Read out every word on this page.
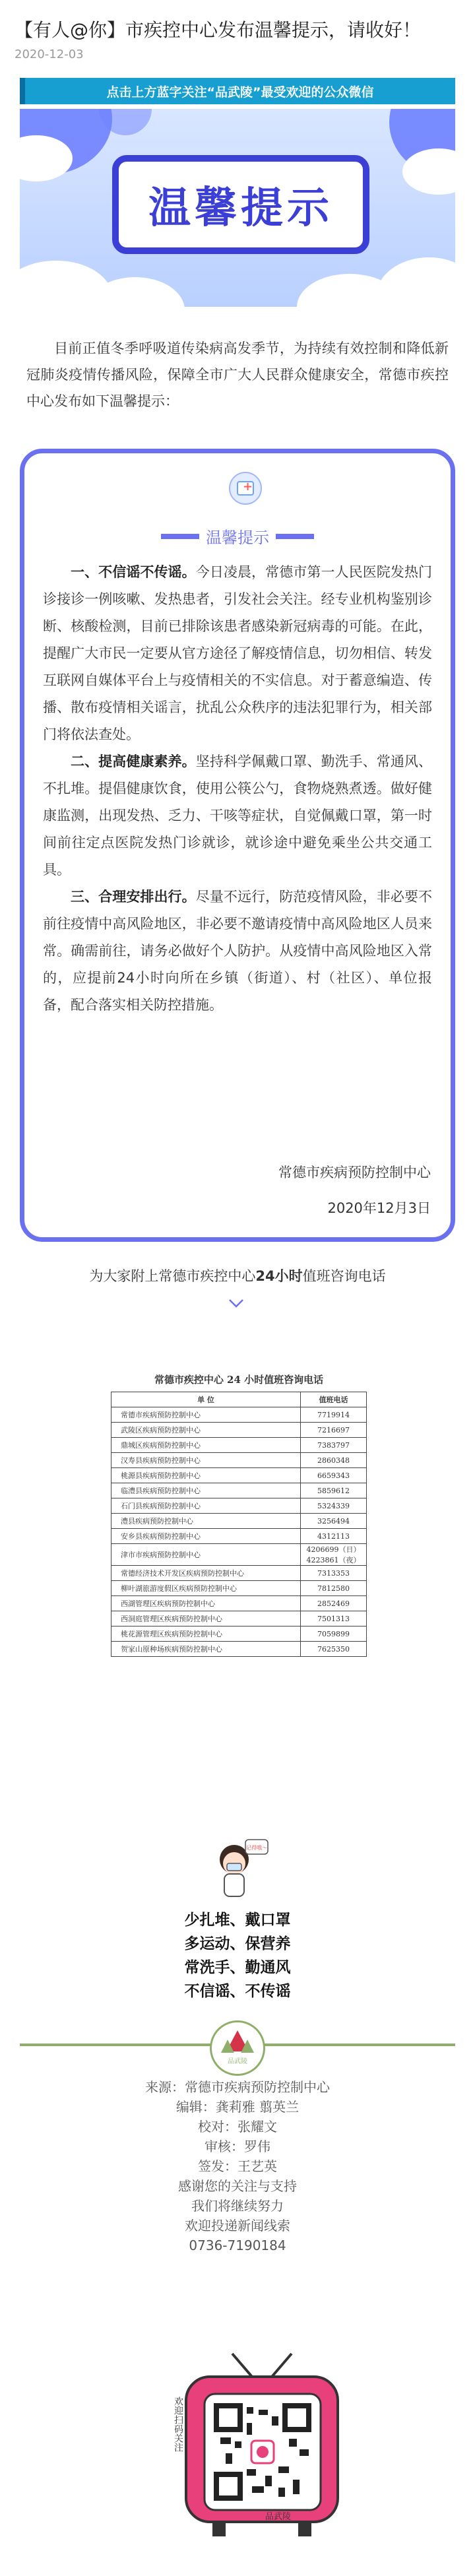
【有人@你】市疾控中心发布温馨提示，请收好！
2020-12-03
点击上方蓝字关注“品武陵”最受欢迎的公众微信
温馨提示
目前正值冬季呼吸道传染病高发季节，为持续有效控制和降低新冠肺炎疫情传播风险，保障全市广大人民群众健康安全，常德市疾控中心发布如下温馨提示：
+
温馨提示

一、不信谣不传谣。今日凌晨，常德市第一人民医院发热门诊接诊一例咳嗽、发热患者，引发社会关注。经专业机构鉴别诊断、核酸检测，目前已排除该患者感染新冠病毒的可能。在此，提醒广大市民一定要从官方途径了解疫情信息，切勿相信、转发互联网自媒体平台上与疫情相关的不实信息。对于蓄意编造、传播、散布疫情相关谣言，扰乱公众秩序的违法犯罪行为，相关部门将依法查处。

二、提高健康素养。坚持科学佩戴口罩、勤洗手、常通风、不扎堆。提倡健康饮食，使用公筷公勺，食物烧熟煮透。做好健康监测，出现发热、乏力、干咳等症状，自觉佩戴口罩，第一时间前往定点医院发热门诊就诊，就诊途中避免乘坐公共交通工具。

三、合理安排出行。尽量不远行，防范疫情风险，非必要不前往疫情中高风险地区，非必要不邀请疫情中高风险地区人员来常。确需前往，请务必做好个人防护。从疫情中高风险地区入常的，应提前24小时向所在乡镇（街道）、村（社区）、单位报备，配合落实相关防控措施。

常德市疾病预防控制中心
2020年12月3日
为大家附上常德市疾控中心24小时值班咨询电话
常德市疾控中心 24 小时值班咨询电话
单 位	值班电话
常德市疾病预防控制中心	7719914
武陵区疾病预防控制中心	7216697
鼎城区疾病预防控制中心	7383797
汉寿县疾病预防控制中心	2860348
桃源县疾病预防控制中心	6659343
临澧县疾病预防控制中心	5859612
石门县疾病预防控制中心	5324339
澧县疾病预防控制中心	3256494
安乡县疾病预防控制中心	4312113
津市市疾病预防控制中心	4206699（日）
4223861（夜）
常德经济技术开发区疾病预防控制中心	7313353
柳叶湖旅游度假区疾病预防控制中心	7812580
西湖管理区疾病预防控制中心	2852469
西洞庭管理区疾病预防控制中心	7501313
桃花源管理区疾病预防控制中心	7059899
贺家山原种场疾病预防控制中心	7625350
记得哦～
少扎堆、戴口罩
多运动、保营养
常洗手、勤通风
不信谣、不传谣
品武陵
来源：常德市疾病预防控制中心
编辑：龚莉雅 翦英兰
校对：张耀文
审核：罗伟
签发：王艺英
感谢您的关注与支持
我们将继续努力
欢迎投递新闻线索
0736-7190184
品武陵
欢迎扫码关注
